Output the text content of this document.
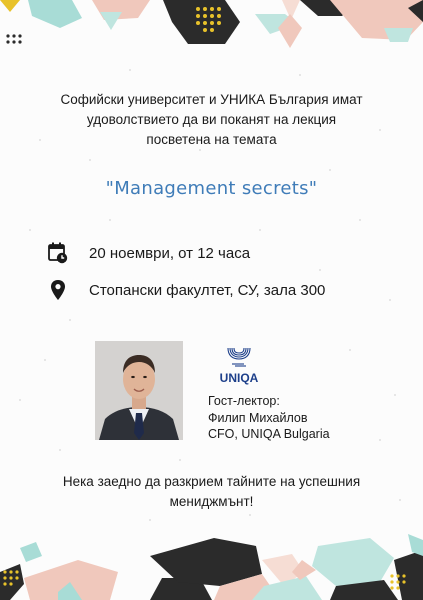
Софийски университет и УНИКА България имат
удоволствието да ви поканят на лекция
посветена на темата
"Management secrets"
20 ноември, от 12 часа
Стопански факултет, СУ, зала 300
UNIQA
Гост-лектор:
Филип Михайлов
CFO, UNIQA Bulgaria
Нека заедно да разкрием тайните на успешния
мениджмънт!
